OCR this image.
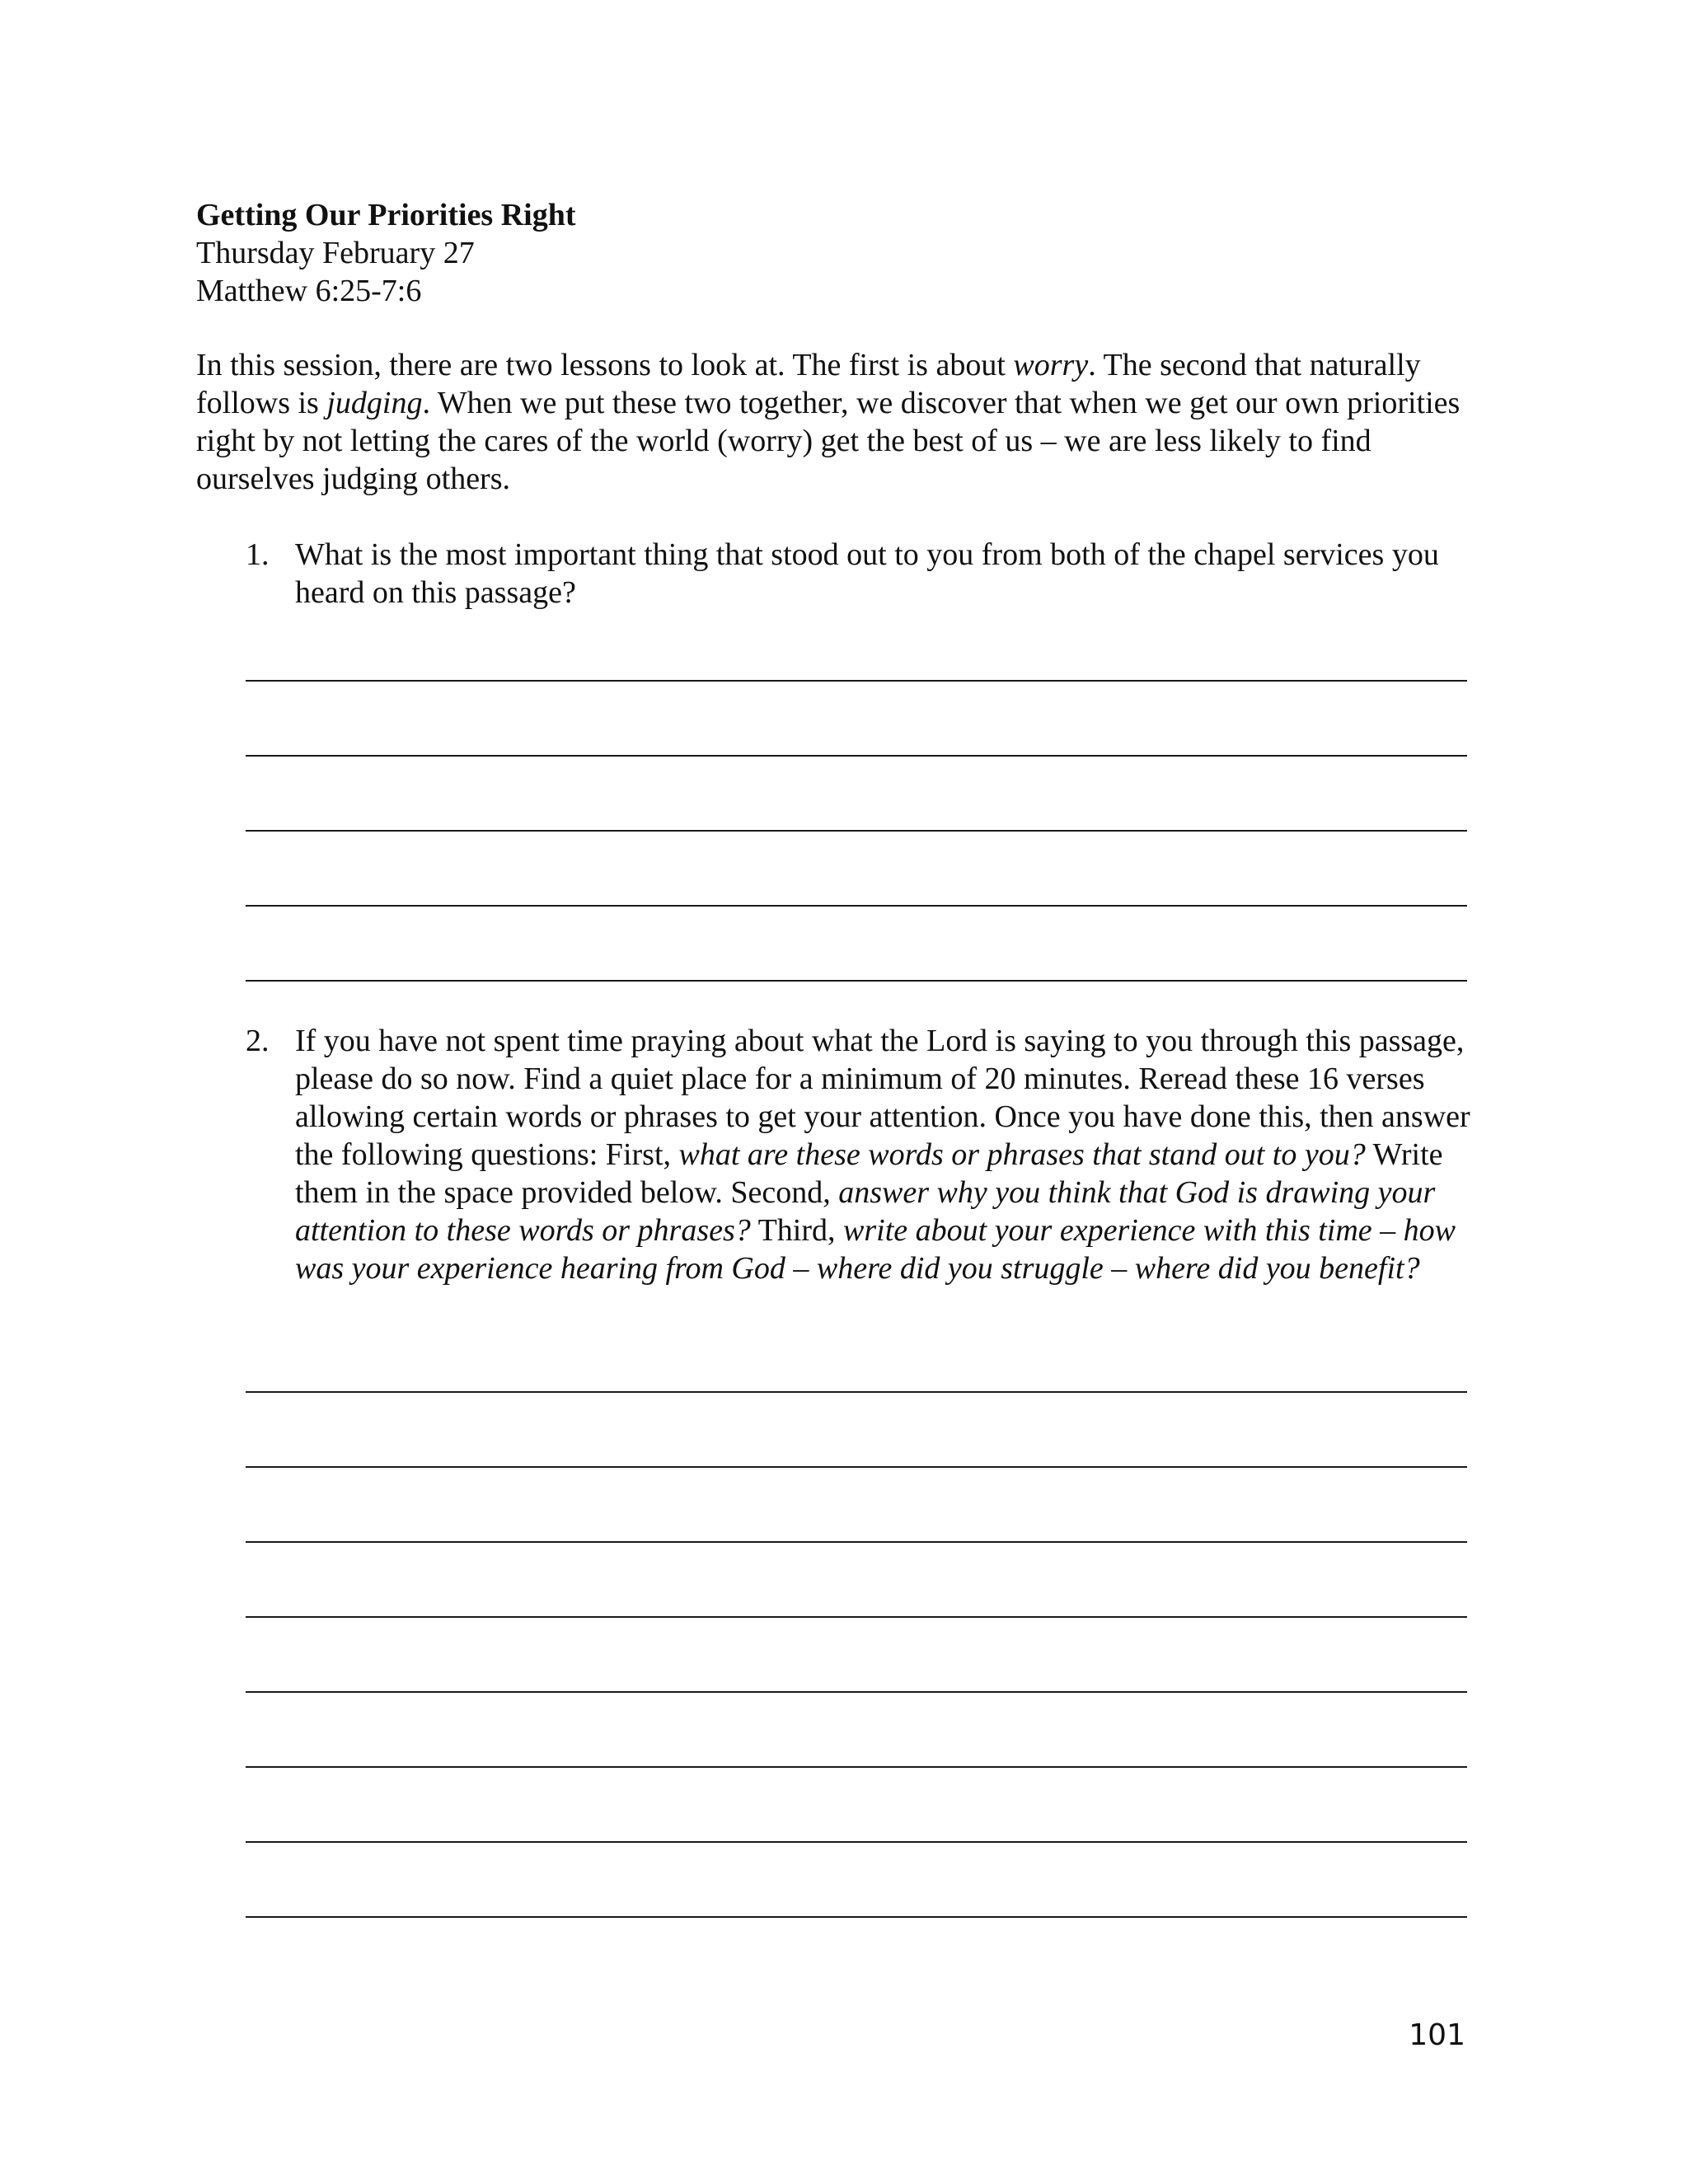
Getting Our Priorities Right
Thursday February 27
Matthew 6:25-7:6

In this session, there are two lessons to look at. The first is about worry. The second that naturally follows is judging. When we put these two together, we discover that when we get our own priorities right by not letting the cares of the world (worry) get the best of us – we are less likely to find ourselves judging others.

1. What is the most important thing that stood out to you from both of the chapel services you heard on this passage?
2. If you have not spent time praying about what the Lord is saying to you through this passage, please do so now. Find a quiet place for a minimum of 20 minutes. Reread these 16 verses allowing certain words or phrases to get your attention. Once you have done this, then answer the following questions: First, what are these words or phrases that stand out to you? Write them in the space provided below. Second, answer why you think that God is drawing your attention to these words or phrases? Third, write about your experience with this time – how was your experience hearing from God – where did you struggle – where did you benefit?
101
